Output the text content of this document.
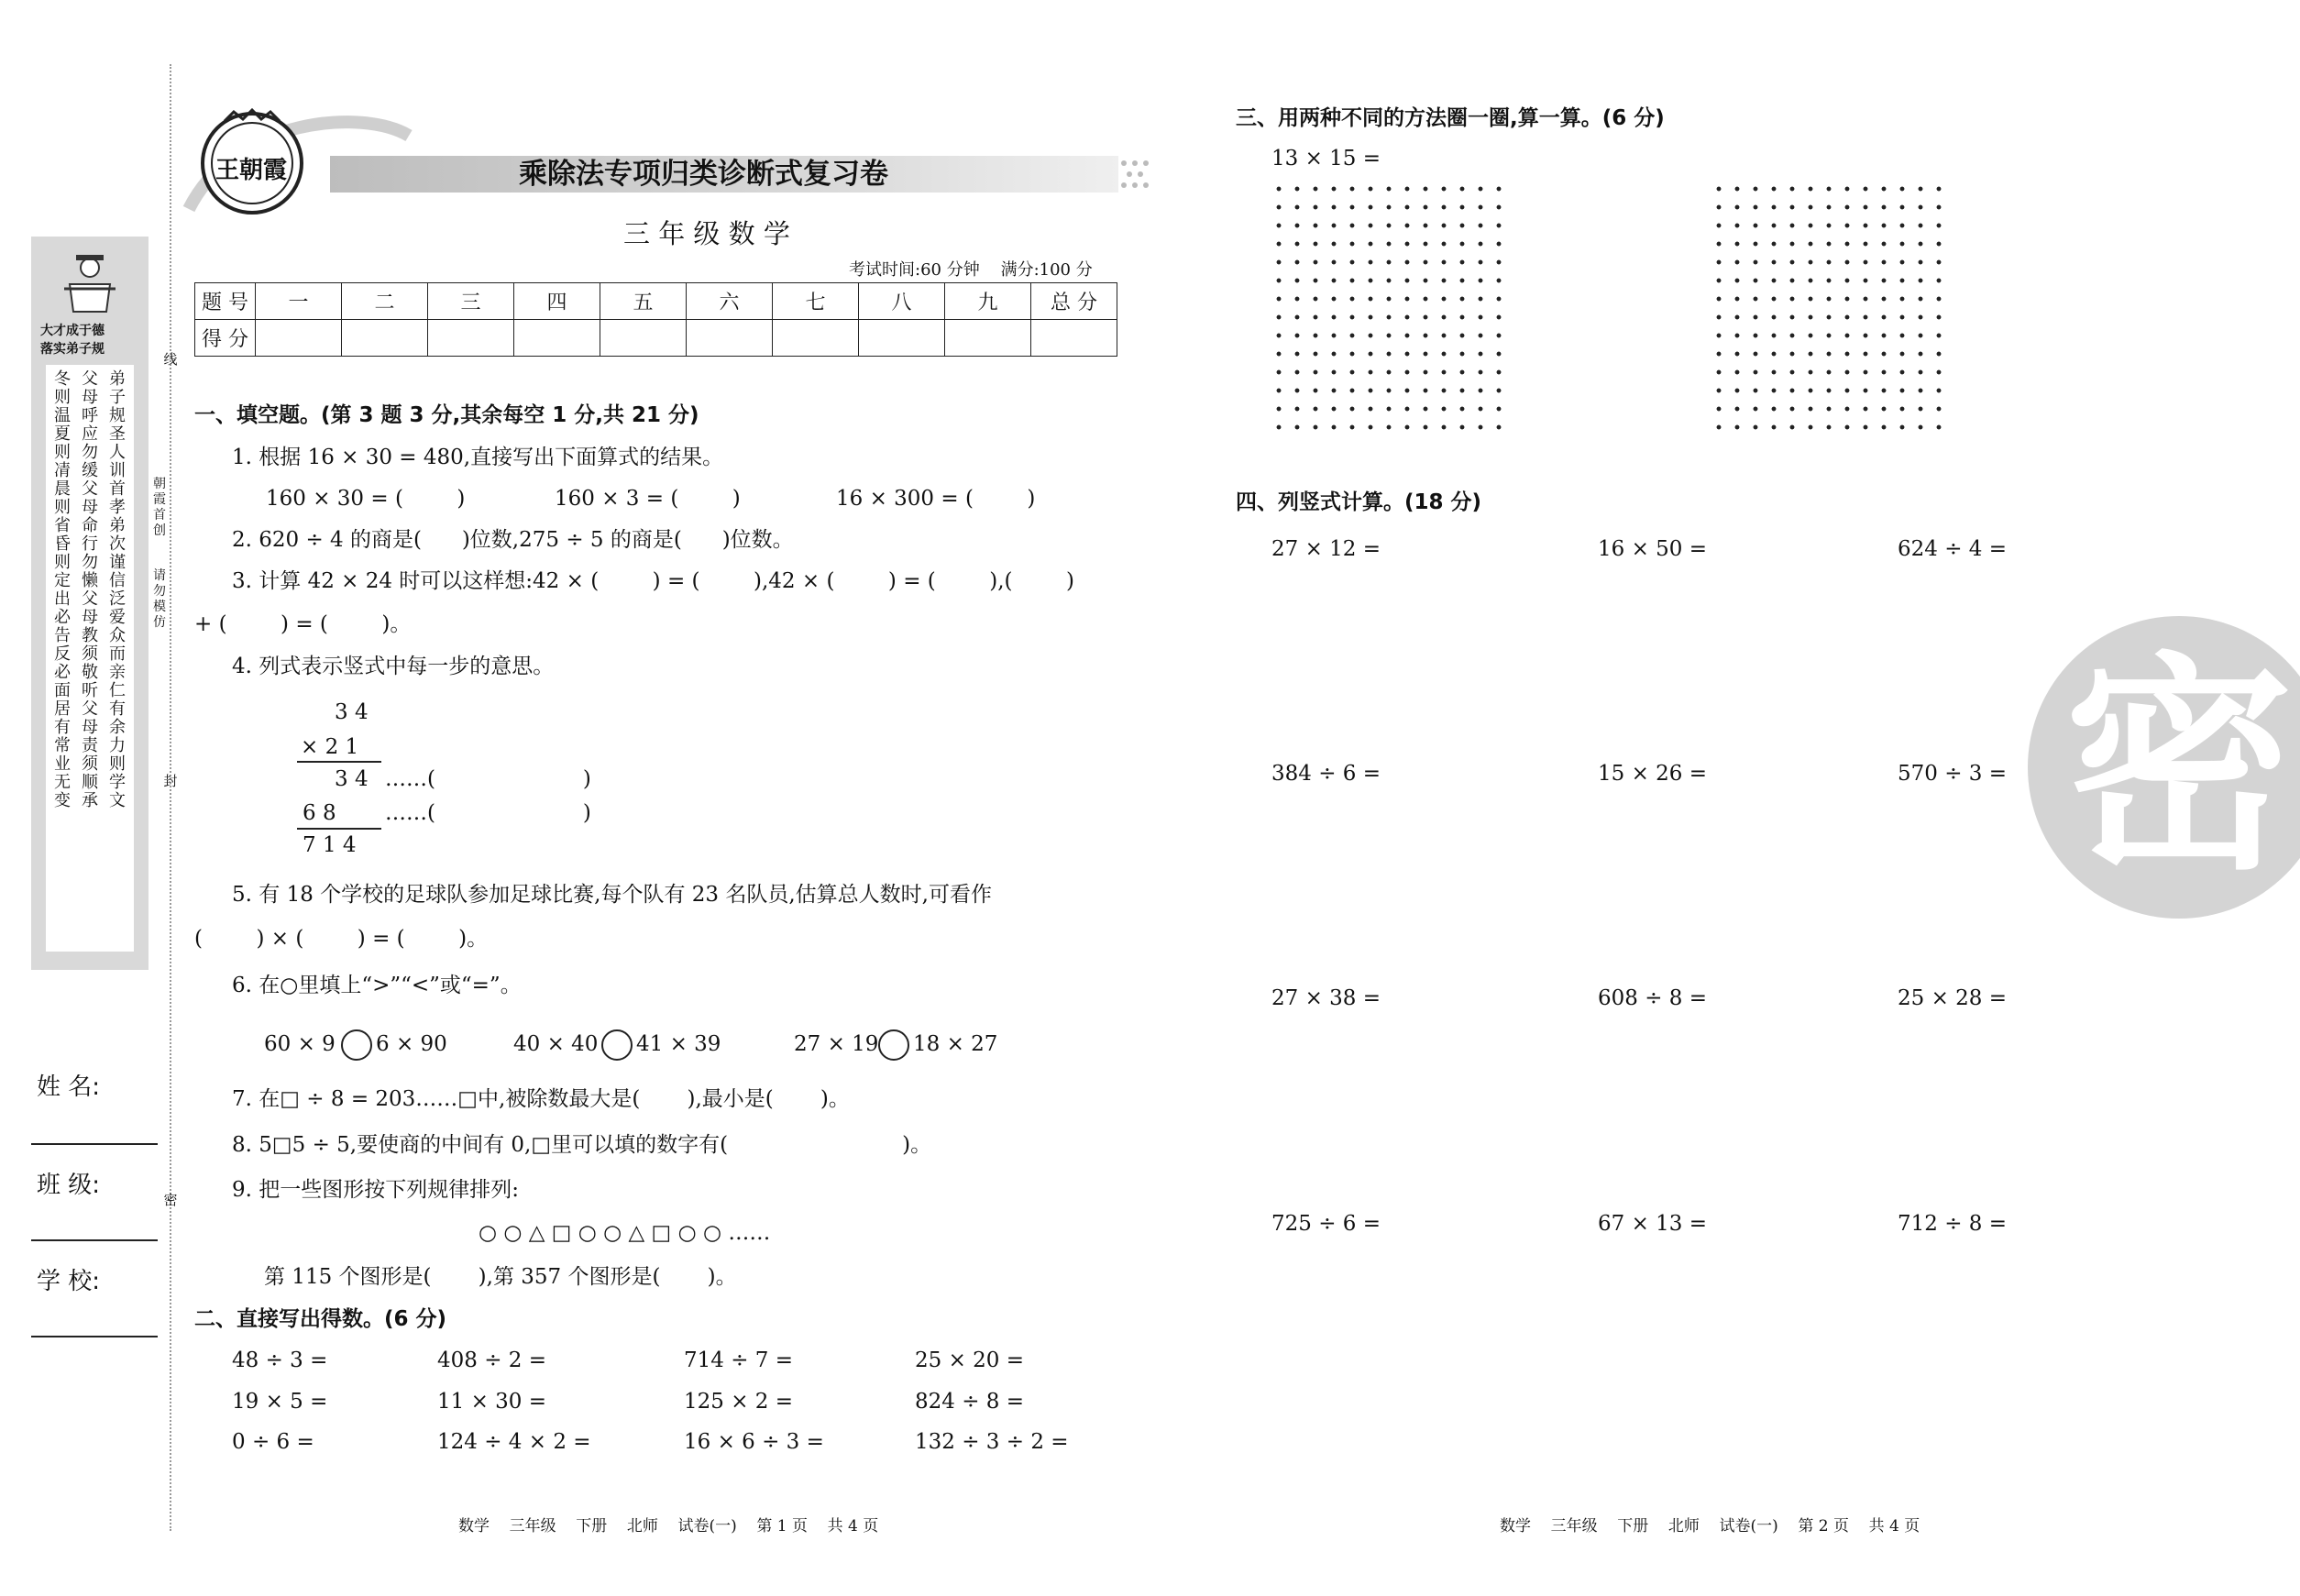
线
封
密
朝霞首创
请勿模仿
大才成于德
落实弟子规
弟子规圣人训首孝弟次谨信泛爱众而亲仁有余力则学文
父母呼应勿缓父母命行勿懒父母教须敬听父母责须顺承
冬则温夏则凊晨则省昏则定出必告反必面居有常业无变
姓 名:
班 级:
学 校:
王朝霞	乘除法专项归类诊断式复习卷
三 年 级 数 学
考试时间:60 分钟    满分:100 分
题 号	一	二	三	四	五	六	七	八	九	总 分
得 分										
一、填空题。(第 3 题 3 分,其余每空 1 分,共 21 分)
1. 根据 16 × 30 = 480,直接写出下面算式的结果。
160 × 30 = (        )	160 × 3 = (        )	16 × 300 = (        )
2. 620 ÷ 4 的商是(      )位数,275 ÷ 5 的商是(      )位数。
3. 计算 42 × 24 时可以这样想:42 × (        ) = (        ),42 × (        ) = (        ),(        )
+ (        ) = (        )。
4. 列式表示竖式中每一步的意思。
3 4
× 2 1
3 4 ……(                      )
6 8 ……(                      )
7 1 4
5. 有 18 个学校的足球队参加足球比赛,每个队有 23 名队员,估算总人数时,可看作
(        ) × (        ) = (        )。
6. 在○里填上“>”“<”或“=”。
60 × 9 6 × 90	40 × 40 41 × 39	27 × 19 18 × 27
7. 在□ ÷ 8 = 203……□中,被除数最大是(       ),最小是(       )。
8. 5□5 ÷ 5,要使商的中间有 0,□里可以填的数字有(                          )。
9. 把一些图形按下列规律排列:
○ ○ △ □ ○ ○ △ □ ○ ○ ……
第 115 个图形是(       ),第 357 个图形是(       )。
二、直接写出得数。(6 分)
48 ÷ 3 =	408 ÷ 2 =	714 ÷ 7 =	25 × 20 =
19 × 5 =	11 × 30 =	125 × 2 =	824 ÷ 8 =
0 ÷ 6 =	124 ÷ 4 × 2 =	16 × 6 ÷ 3 =	132 ÷ 3 ÷ 2 =
数学    三年级    下册    北师    试卷(一)    第 1 页    共 4 页
三、用两种不同的方法圈一圈,算一算。(6 分)
13 × 15 =
四、列竖式计算。(18 分)
27 × 12 =	16 × 50 =	624 ÷ 4 =
384 ÷ 6 =	15 × 26 =	570 ÷ 3 =
27 × 38 =	608 ÷ 8 =	25 × 28 =
725 ÷ 6 =	67 × 13 =	712 ÷ 8 =
密
数学    三年级    下册    北师    试卷(一)    第 2 页    共 4 页
